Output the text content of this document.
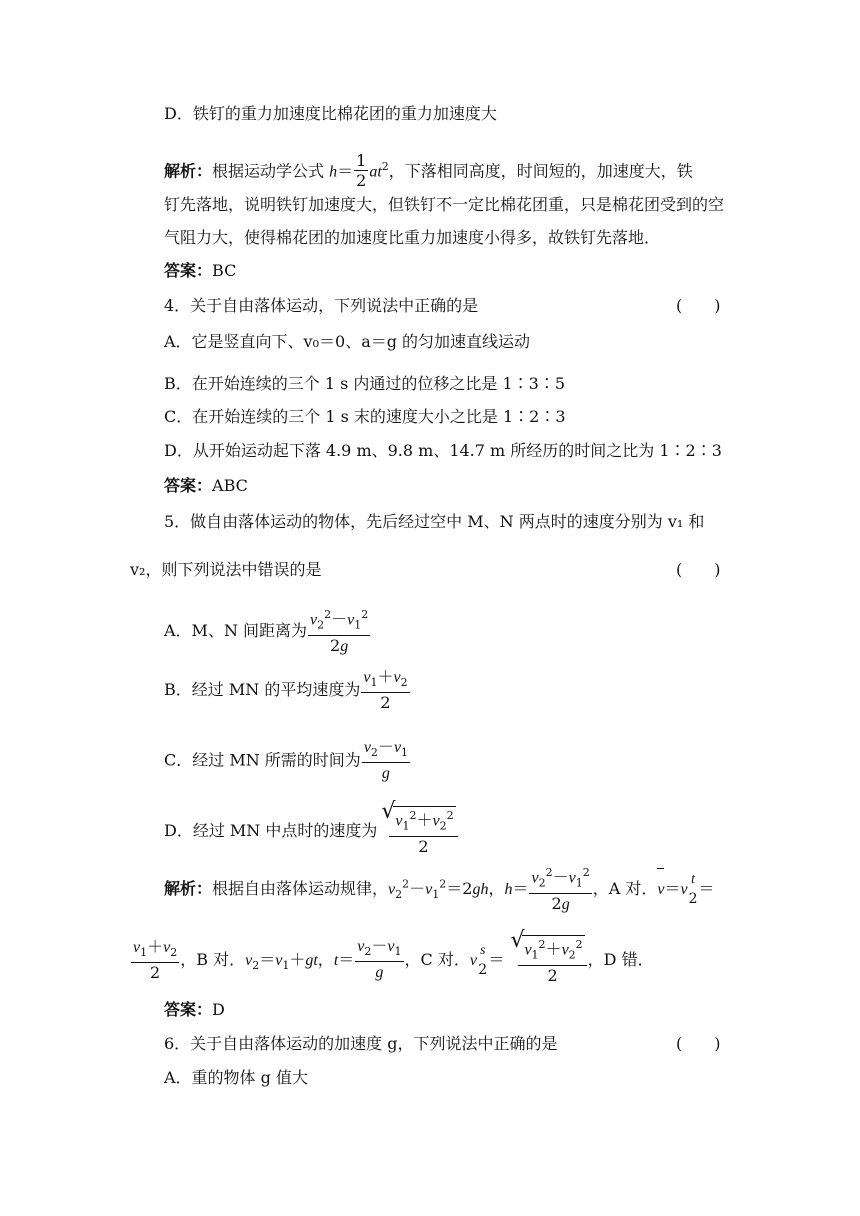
D．铁钉的重力加速度比棉花团的重力加速度大
解析：根据运动学公式 $h= \frac{1}{2} at^2$，下落相同高度，时间短的，加速度大，铁
钉先落地，说明铁钉加速度大，但铁钉不一定比棉花团重，只是棉花团受到的空
气阻力大，使得棉花团的加速度比重力加速度小得多，故铁钉先落地．
答案：BC
4．关于自由落体运动，下列说法中正确的是	(　　)
A．它是竖直向下、v₀＝0、a＝g 的匀加速直线运动
B．在开始连续的三个 1 s 内通过的位移之比是 1∶3∶5
C．在开始连续的三个 1 s 末的速度大小之比是 1∶2∶3
D．从开始运动起下落 4.9 m、9.8 m、14.7 m 所经历的时间之比为 1∶2∶3
答案：ABC
5．做自由落体运动的物体，先后经过空中 M、N 两点时的速度分别为 v₁ 和
v₂，则下列说法中错误的是	(　　)
A．M、N 间距离为 $\frac{v_2^2-v_1^2}{2g}$
B．经过 MN 的平均速度为 $\frac{v_1+v_2}{2}$
C．经过 MN 所需的时间为 $\frac{v_2-v_1}{g}$
D．经过 MN 中点时的速度为 √ $\frac{v_1^2+v_2^2}{2}$
解析：根据自由落体运动规律，$v_2^2-v_1^2=2gh$，$h= \frac{v_2^2-v_1^2}{2g}$ ，A 对．v＝v
t
2
＝
$\frac{v_1+v_2}{2}$ ，B 对．$v_2=v_1+gt$，$t= \frac{v_2-v_1}{g}$ ，C 对．v
s
2
＝ √ $\frac{v_1^2+v_2^2}{2}$ ，D 错．
答案：D
6．关于自由落体运动的加速度 g，下列说法中正确的是	(　　)
A．重的物体 g 值大
